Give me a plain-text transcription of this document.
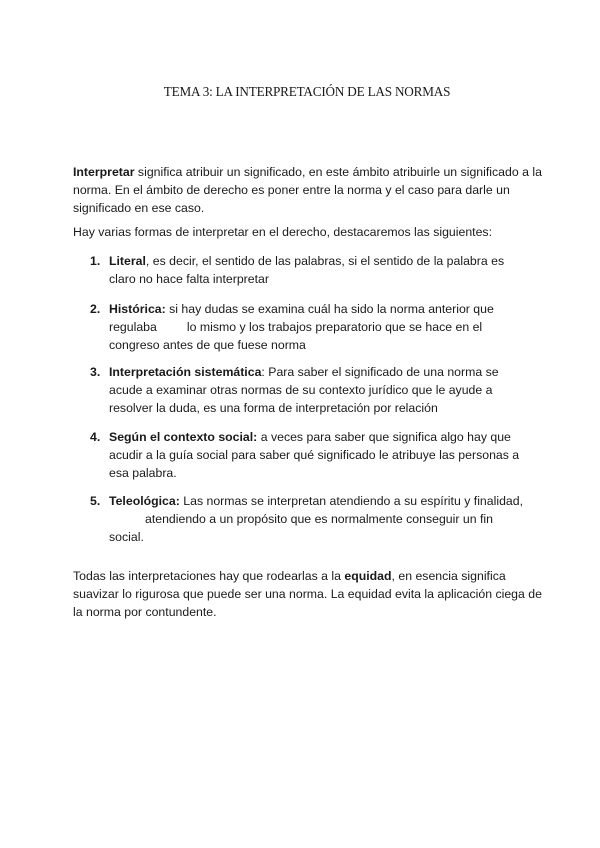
TEMA 3: LA INTERPRETACIÓN DE LAS NORMAS

Interpretar significa atribuir un significado, en este ámbito atribuirle un significado a la norma. En el ámbito de derecho es poner entre la norma y el caso para darle un significado en ese caso.

Hay varias formas de interpretar en el derecho, destacaremos las siguientes:

1. Literal, es decir, el sentido de las palabras, si el sentido de la palabra es claro no hace falta interpretar
2. Histórica: si hay dudas se examina cuál ha sido la norma anterior que regulaba lo mismo y los trabajos preparatorio que se hace en el congreso antes de que fuese norma
3. Interpretación sistemática: Para saber el significado de una norma se acude a examinar otras normas de su contexto jurídico que le ayude a resolver la duda, es una forma de interpretación por relación
4. Según el contexto social: a veces para saber que significa algo hay que acudir a la guía social para saber qué significado le atribuye las personas a esa palabra.
5. Teleológica: Las normas se interpretan atendiendo a su espíritu y finalidad,
atendiendo a un propósito que es normalmente conseguir un fin social.

Todas las interpretaciones hay que rodearlas a la equidad, en esencia significa suavizar lo rigurosa que puede ser una norma. La equidad evita la aplicación ciega de la norma por contundente.
